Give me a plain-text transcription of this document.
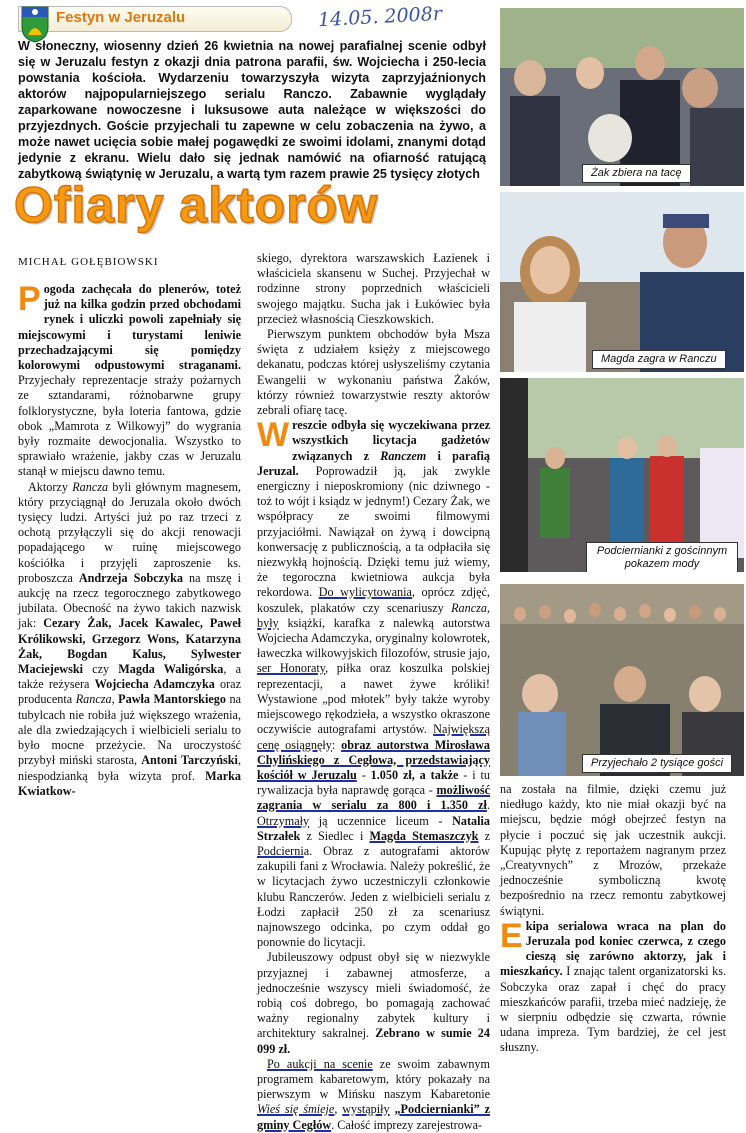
Festyn w Jeruzalu	14.05. 2008r
W słoneczny, wiosenny dzień 26 kwietnia na nowej parafialnej scenie odbył się w Jeruzalu festyn z okazji dnia patrona parafii, św. Wojciecha i 250-lecia powstania kościoła. Wydarzeniu towarzyszyła wizyta zaprzyjaźnionych aktorów najpopularniejszego serialu Ranczo. Zabawnie wyglądały zaparkowane nowoczesne i luksusowe auta należące w większości do przyjezdnych. Goście przyjechali tu zapewne w celu zobaczenia na żywo, a może nawet ucięcia sobie małej pogawędki ze swoimi idolami, znanymi dotąd jedynie z ekranu. Wielu dało się jednak namówić na ofiarność ratującą zabytkową świątynię w Jeruzalu, a wartą tym razem prawie 25 tysięcy złotych
Ofiary aktorów
MICHAŁ GOŁĘBIOWSKI

Pogoda zachęcała do plenerów, toteż już na kilka godzin przed obchodami rynek i uliczki powoli zapełniały się miejscowymi i turystami leniwie przechadzającymi się pomiędzy kolorowymi odpustowymi straganami. Przyjechały reprezentacje straży pożarnych ze sztandarami, różnobarwne grupy folklorystyczne, była loteria fantowa, gdzie obok „Mamrota z Wilkowyj” do wygrania były rozmaite dewocjonalia. Wszystko to sprawiało wrażenie, jakby czas w Jeruzalu stanął w miejscu dawno temu.

Aktorzy Rancza byli głównym magnesem, który przyciągnął do Jeruzala około dwóch tysięcy ludzi. Artyści już po raz trzeci z ochotą przyłączyli się do akcji renowacji popadającego w ruinę miejscowego kościółka i przyjęli zaproszenie ks. proboszcza Andrzeja Sobczyka na mszę i aukcję na rzecz tegorocznego zabytkowego jubilata. Obecność na żywo takich nazwisk jak: Cezary Żak, Jacek Kawalec, Paweł Królikowski, Grzegorz Wons, Katarzyna Żak, Bogdan Kalus, Sylwester Maciejewski czy Magda Waligórska, a także reżysera Wojciecha Adamczyka oraz producenta Rancza, Pawła Mantorskiego na tubylcach nie robiła już większego wrażenia, ale dla zwiedzających i wielbicieli serialu to było mocne przeżycie. Na uroczystość przybył miński starosta, Antoni Tarczyński, niespodzianką była wizyta prof. Marka Kwiatkow-

skiego, dyrektora warszawskich Łazienek i właściciela skansenu w Suchej. Przyjechał w rodzinne strony poprzednich właścicieli swojego majątku. Sucha jak i Łukówiec była przecież własnością Cieszkowskich.

Pierwszym punktem obchodów była Msza święta z udziałem księży z miejscowego dekanatu, podczas której usłyszeliśmy czytania Ewangelii w wykonaniu państwa Żaków, którzy również towarzystwie reszty aktorów zebrali ofiarę tacę.

Wreszcie odbyła się wyczekiwana przez wszystkich licytacja gadżetów związanych z Ranczem i parafią Jeruzal. Poprowadził ją, jak zwykle energiczny i nieposkromiony (nic dziwnego - toż to wójt i ksiądz w jednym!) Cezary Żak, we współpracy ze swoimi filmowymi przyjaciółmi. Nawiązał on żywą i dowcipną konwersację z publicznością, a ta odpłaciła się niezwykłą hojnością. Dzięki temu już wiemy, że tegoroczna kwietniowa aukcja była rekordowa. Do wylicytowania, oprócz zdjęć, koszulek, plakatów czy scenariuszy Rancza, były książki, karafka z nalewką autorstwa Wojciecha Adamczyka, oryginalny kolowrotek, ławeczka wilkowyjskich filozofów, strusie jajo, ser Honoraty, piłka oraz koszulka polskiej reprezentacji, a nawet żywe króliki! Wystawione „pod młotek” były także wyroby miejscowego rękodzieła, a wszystko okraszone oczywiście autografami artystów. Największą cenę osiągnęły: obraz autorstwa Mirosława Chylińskiego z Cegłowa, przedstawiający kościół w Jeruzalu - 1.050 zł, a także - i tu rywalizacja była naprawdę gorąca - możliwość zagrania w serialu za 800 i 1.350 zł. Otrzymały ją uczennice liceum - Natalia Strzałek z Siedlec i Magda Stemaszczyk z Podciernia. Obraz z autografami aktorów zakupili fani z Wrocławia. Należy pokreślić, że w licytacjach żywo uczestniczyli członkowie klubu Ranczerów. Jeden z wielbicieli serialu z Łodzi zapłacił 250 zł za scenariusz najnowszego odcinka, po czym oddał go ponownie do licytacji.

Jubileuszowy odpust obył się w niezwykle przyjaznej i zabawnej atmosferze, a jednocześnie wszyscy mieli świadomość, że robią coś dobrego, bo pomagają zachować ważny regionalny zabytek kultury i architektury sakralnej. Zebrano w sumie 24 099 zł.

Po aukcji na scenie ze swoim zabawnym programem kabaretowym, który pokazały na pierwszym w Mińsku naszym Kabaretonie Wieś się śmieje, wystąpiły „Podciernianki” z gminy Cegłów. Całość imprezy zarejestrowa-

na została na filmie, dzięki czemu już niedługo każdy, kto nie miał okazji być na miejscu, będzie mógł obejrzeć festyn na płycie i poczuć się jak uczestnik aukcji. Kupując płytę z reportażem nagranym przez „Creatyvnych” z Mrozów, przekaże jednocześnie symboliczną kwotę bezpośrednio na rzecz remontu zabytkowej świątyni.

Ekipa serialowa wraca na plan do Jeruzala pod koniec czerwca, z czego cieszą się zarówno aktorzy, jak i mieszkańcy. I znając talent organizatorski ks. Sobczyka oraz zapał i chęć do pracy mieszkańców parafii, trzeba mieć nadzieję, że w sierpniu odbędzie się czwarta, równie udana impreza. Tym bardziej, że cel jest słuszny.

Żak zbiera na tacę
Magda zagra w Ranczu
Podciernianki z gościnnym pokazem mody
Przyjechało 2 tysiące gości
